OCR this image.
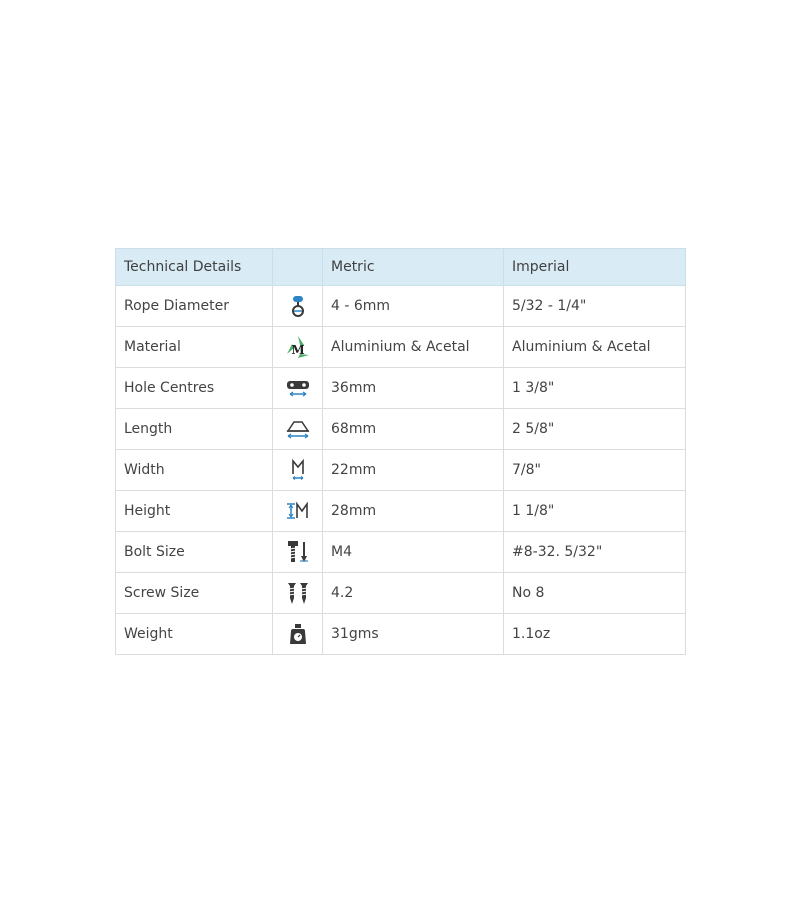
Technical Details		Metric	Imperial
Rope Diameter		4 - 6mm	5/32 - 1/4"
Material	M	Aluminium & Acetal	Aluminium & Acetal
Hole Centres		36mm	1 3/8"
Length		68mm	2 5/8"
Width		22mm	7/8"
Height		28mm	1 1/8"
Bolt Size		M4	#8-32. 5/32"
Screw Size		4.2	No 8
Weight		31gms	1.1oz
